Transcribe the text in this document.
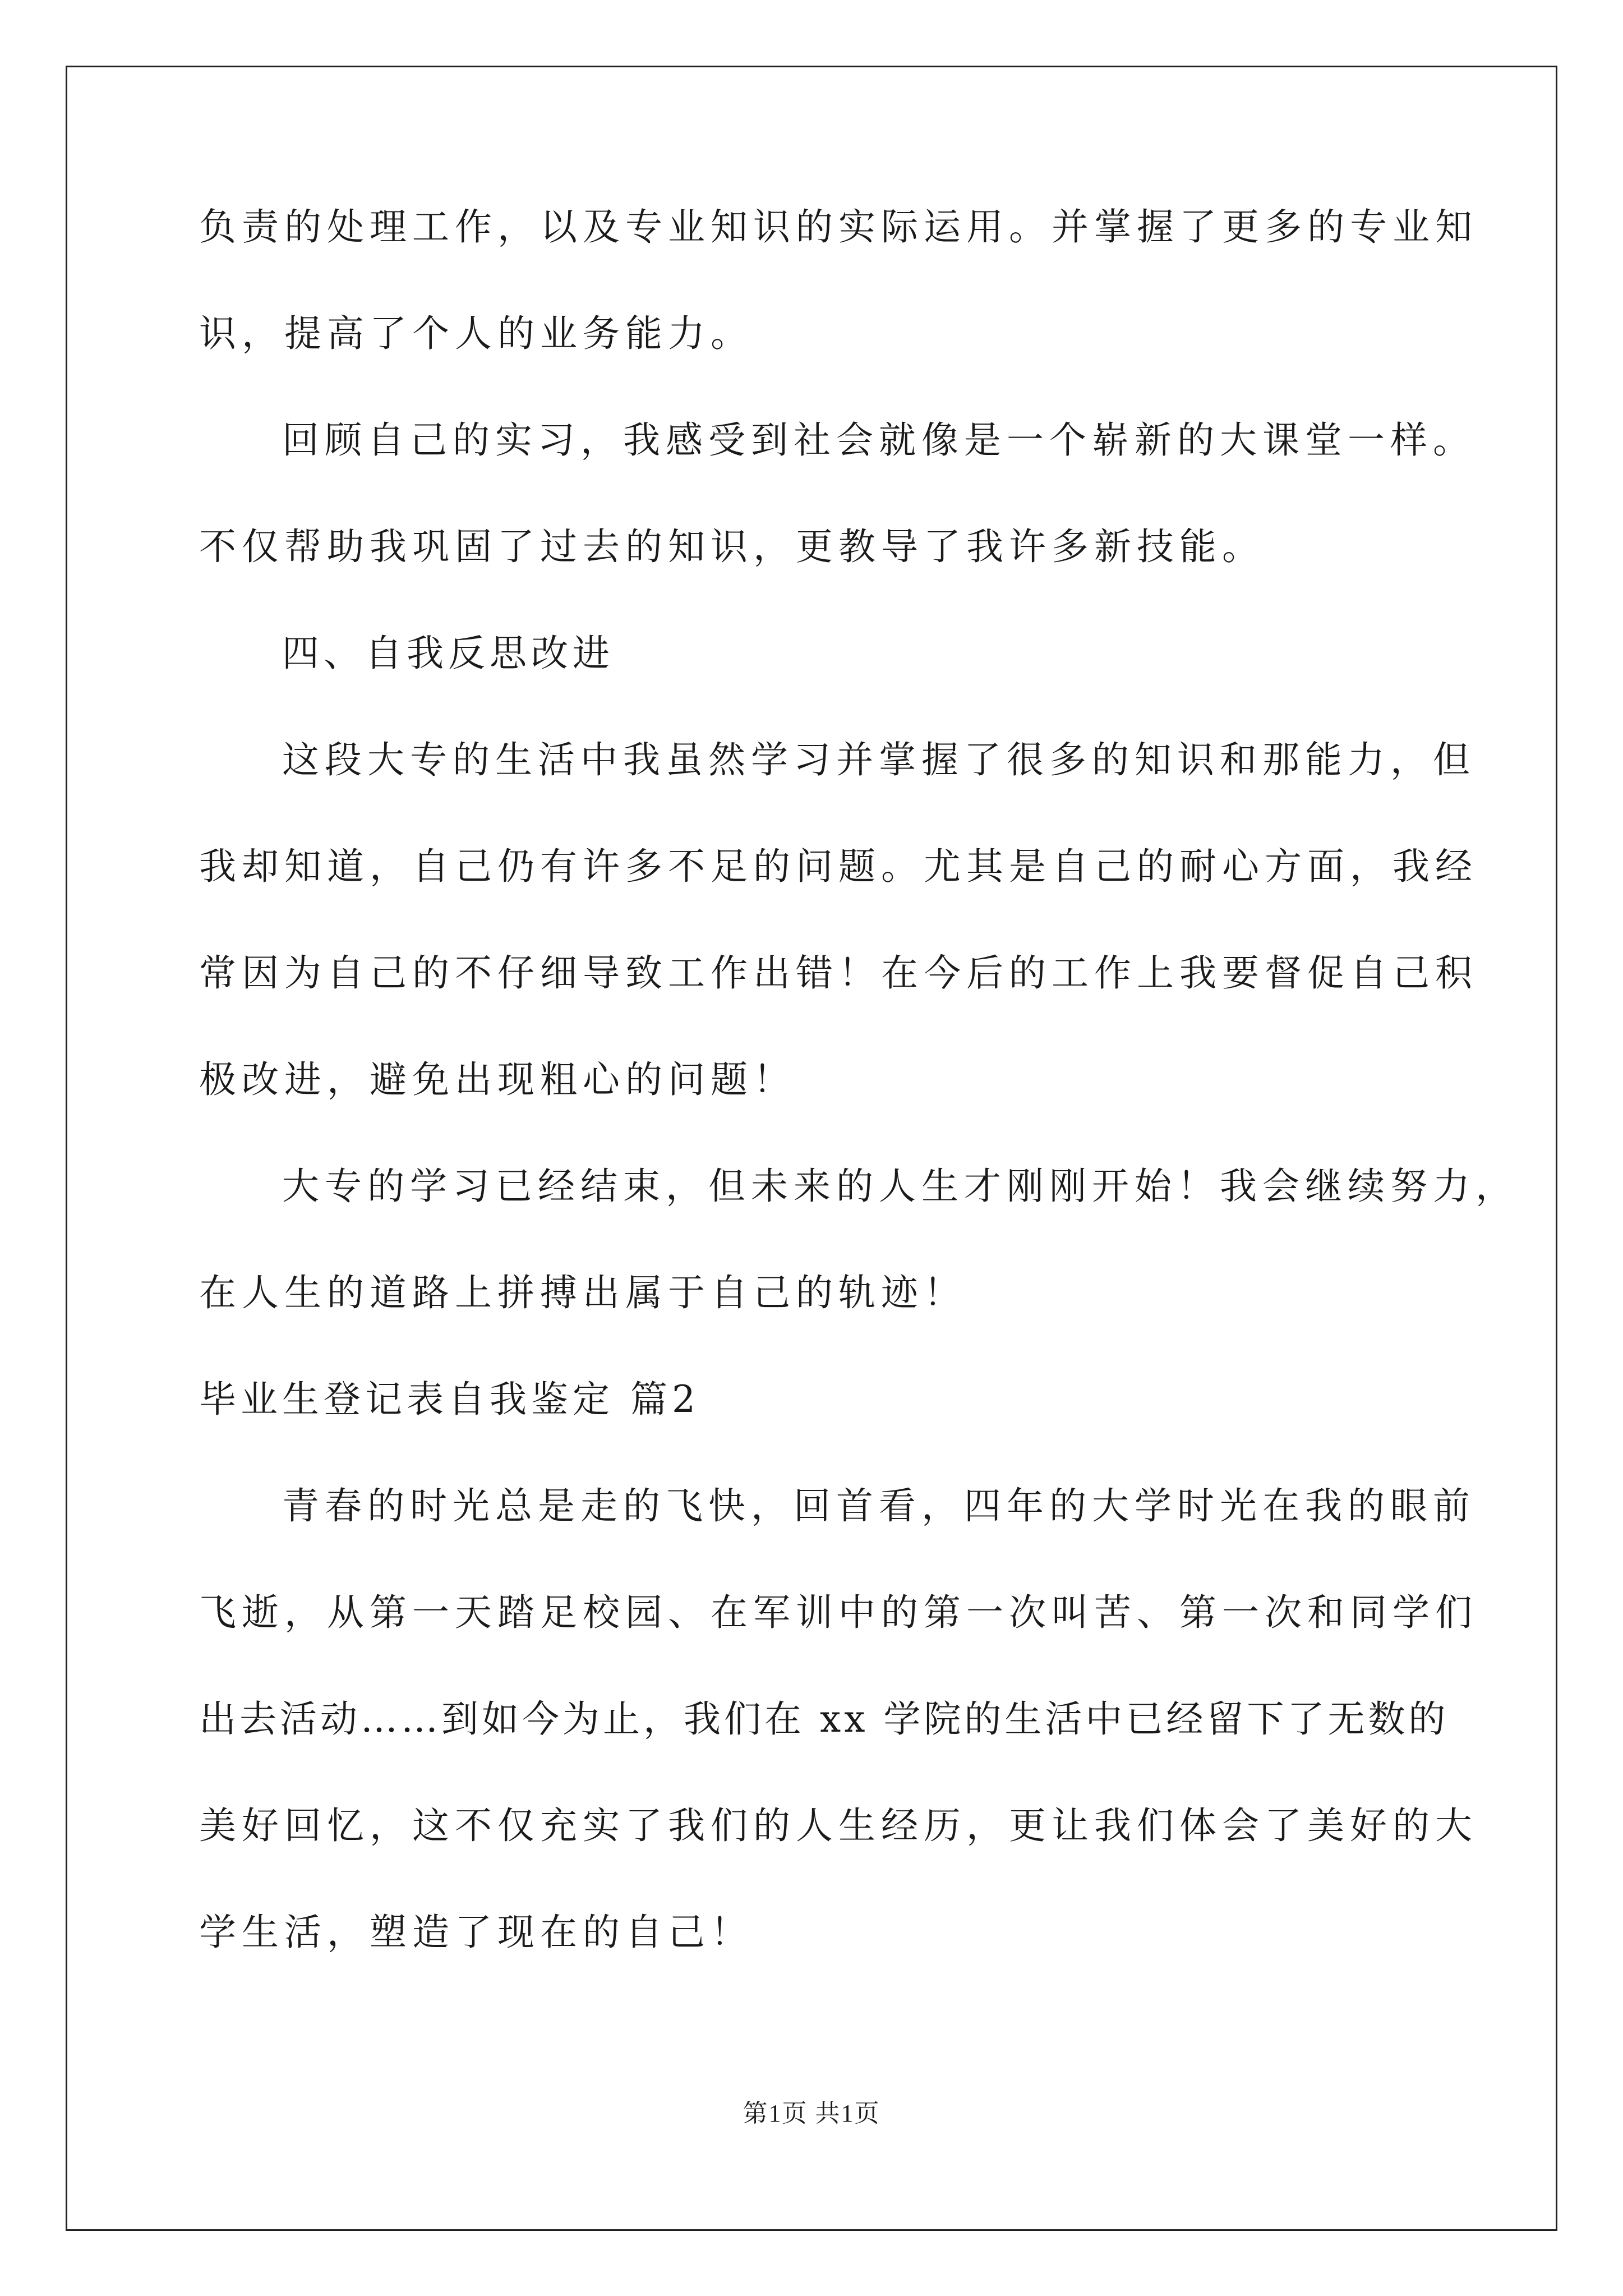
负责的处理工作，以及专业知识的实际运用。并掌握了更多的专业知
识，提高了个人的业务能力。
回顾自己的实习，我感受到社会就像是一个崭新的大课堂一样。
不仅帮助我巩固了过去的知识，更教导了我许多新技能。
四、自我反思改进
这段大专的生活中我虽然学习并掌握了很多的知识和那能力，但
我却知道，自己仍有许多不足的问题。尤其是自己的耐心方面，我经
常因为自己的不仔细导致工作出错！在今后的工作上我要督促自己积
极改进，避免出现粗心的问题！
大专的学习已经结束，但未来的人生才刚刚开始！我会继续努力，
在人生的道路上拼搏出属于自己的轨迹！
毕业生登记表自我鉴定 篇2
青春的时光总是走的飞快，回首看，四年的大学时光在我的眼前
飞逝，从第一天踏足校园、在军训中的第一次叫苦、第一次和同学们
出去活动……到如今为止，我们在 xx 学院的生活中已经留下了无数的
美好回忆，这不仅充实了我们的人生经历，更让我们体会了美好的大
学生活，塑造了现在的自己！
第1页 共1页
